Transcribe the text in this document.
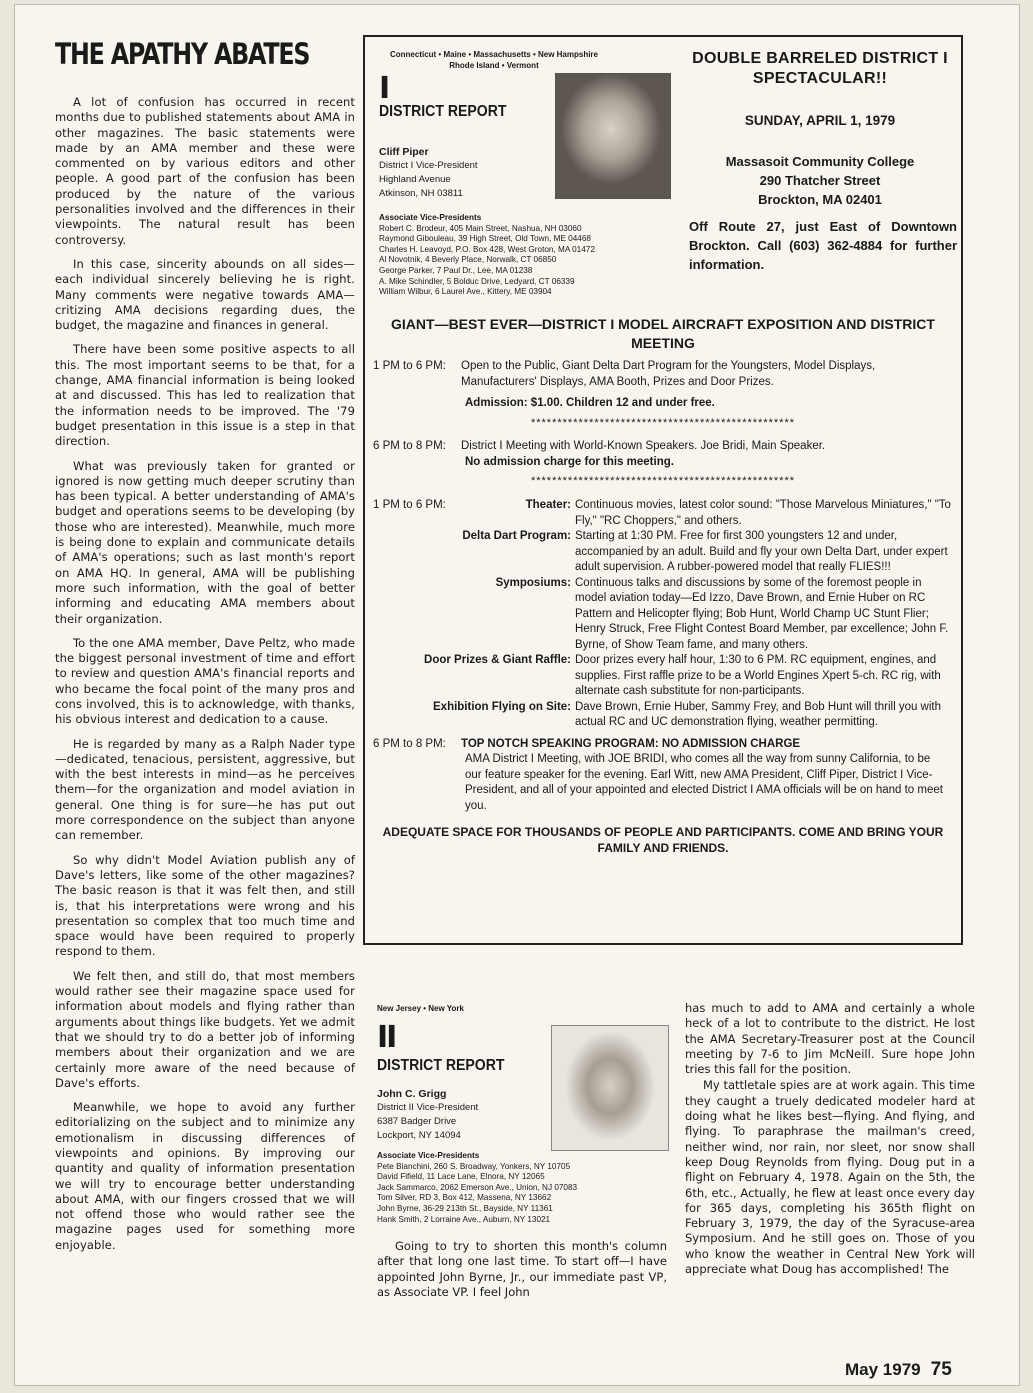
THE APATHY ABATES

A lot of confusion has occurred in recent months due to published statements about AMA in other magazines. The basic statements were made by an AMA member and these were commented on by various editors and other people. A good part of the confusion has been produced by the nature of the various personalities involved and the differences in their viewpoints. The natural result has been controversy.

In this case, sincerity abounds on all sides—each individual sincerely believing he is right. Many comments were negative towards AMA—critizing AMA decisions regarding dues, the budget, the magazine and finances in general.

There have been some positive aspects to all this. The most important seems to be that, for a change, AMA financial information is being looked at and discussed. This has led to realization that the information needs to be improved. The '79 budget presentation in this issue is a step in that direction.

What was previously taken for granted or ignored is now getting much deeper scrutiny than has been typical. A better understanding of AMA's budget and operations seems to be developing (by those who are interested). Meanwhile, much more is being done to explain and communicate details of AMA's operations; such as last month's report on AMA HQ. In general, AMA will be publishing more such information, with the goal of better informing and educating AMA members about their organization.

To the one AMA member, Dave Peltz, who made the biggest personal investment of time and effort to review and question AMA's financial reports and who became the focal point of the many pros and cons involved, this is to acknowledge, with thanks, his obvious interest and dedication to a cause.

He is regarded by many as a Ralph Nader type—dedicated, tenacious, persistent, aggressive, but with the best interests in mind—as he perceives them—for the organization and model aviation in general. One thing is for sure—he has put out more correspondence on the subject than anyone can remember.

So why didn't Model Aviation publish any of Dave's letters, like some of the other magazines? The basic reason is that it was felt then, and still is, that his interpretations were wrong and his presentation so complex that too much time and space would have been required to properly respond to them.

We felt then, and still do, that most members would rather see their magazine space used for information about models and flying rather than arguments about things like budgets. Yet we admit that we should try to do a better job of informing members about their organization and we are certainly more aware of the need because of Dave's efforts.

Meanwhile, we hope to avoid any further editorializing on the subject and to minimize any emotionalism in discussing differences of viewpoints and opinions. By improving our quantity and quality of information presentation we will try to encourage better understanding about AMA, with our fingers crossed that we will not offend those who would rather see the magazine pages used for something more enjoyable.

Connecticut • Maine • Massachusetts • New Hampshire Rhode Island • Vermont
I
DISTRICT REPORT
Cliff Piper
District I Vice-President
Highland Avenue
Atkinson, NH 03811
Associate Vice-Presidents
Robert C. Brodeur, 405 Main Street, Nashua, NH 03060
Raymond Gibouleau, 39 High Street, Old Town, ME 04468
Charles H. Leavoyd, P.O. Box 428, West Groton, MA 01472
Al Novotnik, 4 Beverly Place, Norwalk, CT 06850
George Parker, 7 Paul Dr., Lee, MA 01238
A. Mike Schindler, 5 Bolduc Drive, Ledyard, CT 06339
William Wilbur, 6 Laurel Ave., Kittery, ME 03904
DOUBLE BARRELED DISTRICT I SPECTACULAR!!
SUNDAY, APRIL 1, 1979
Massasoit Community College
290 Thatcher Street
Brockton, MA 02401
Off Route 27, just East of Downtown Brockton. Call (603) 362-4884 for further information.
GIANT—BEST EVER—DISTRICT I MODEL AIRCRAFT EXPOSITION AND DISTRICT MEETING
1 PM to 6 PM:	Open to the Public, Giant Delta Dart Program for the Youngsters, Model Displays, Manufacturers' Displays, AMA Booth, Prizes and Door Prizes.
Admission: $1.00. Children 12 and under free.
**************************************************
6 PM to 8 PM:	District I Meeting with World-Known Speakers. Joe Bridi, Main Speaker.
No admission charge for this meeting.
**************************************************
1 PM to 6 PM:	Theater: Continuous movies, latest color sound: "Those Marvelous Miniatures," "To Fly," "RC Choppers," and others.
Delta Dart Program: Starting at 1:30 PM. Free for first 300 youngsters 12 and under, accompanied by an adult. Build and fly your own Delta Dart, under expert adult supervision. A rubber-powered model that really FLIES!!!
Symposiums: Continuous talks and discussions by some of the foremost people in model aviation today—Ed Izzo, Dave Brown, and Ernie Huber on RC Pattern and Helicopter flying; Bob Hunt, World Champ UC Stunt Flier; Henry Struck, Free Flight Contest Board Member, par excellence; John F. Byrne, of Show Team fame, and many others.
Door Prizes & Giant Raffle: Door prizes every half hour, 1:30 to 6 PM. RC equipment, engines, and supplies. First raffle prize to be a World Engines Xpert 5-ch. RC rig, with alternate cash substitute for non-participants.
Exhibition Flying on Site: Dave Brown, Ernie Huber, Sammy Frey, and Bob Hunt will thrill you with actual RC and UC demonstration flying, weather permitting.
6 PM to 8 PM:	TOP NOTCH SPEAKING PROGRAM: NO ADMISSION CHARGE
AMA District I Meeting, with JOE BRIDI, who comes all the way from sunny California, to be our feature speaker for the evening. Earl Witt, new AMA President, Cliff Piper, District I Vice-President, and all of your appointed and elected District I AMA officials will be on hand to meet you.
ADEQUATE SPACE FOR THOUSANDS OF PEOPLE AND PARTICIPANTS. COME AND BRING YOUR FAMILY AND FRIENDS.
New Jersey • New York
II
DISTRICT REPORT
John C. Grigg
District II Vice-President
6387 Badger Drive
Lockport, NY 14094
Associate Vice-Presidents
Pete Bianchini, 260 S. Broadway, Yonkers, NY 10705
David Fifield, 11 Lace Lane, Elnora, NY 12065
Jack Sammarco, 2062 Emerson Ave., Union, NJ 07083
Tom Silver, RD 3, Box 412, Massena, NY 13662
John Byrne, 36-29 213th St., Bayside, NY 11361
Hank Smith, 2 Lorraine Ave., Auburn, NY 13021

Going to try to shorten this month's column after that long one last time. To start off—I have appointed John Byrne, Jr., our immediate past VP, as Associate VP. I feel John

has much to add to AMA and certainly a whole heck of a lot to contribute to the district. He lost the AMA Secretary-Treasurer post at the Council meeting by 7-6 to Jim McNeill. Sure hope John tries this fall for the position.

My tattletale spies are at work again. This time they caught a truely dedicated modeler hard at doing what he likes best—flying. And flying, and flying. To paraphrase the mailman's creed, neither wind, nor rain, nor sleet, nor snow shall keep Doug Reynolds from flying. Doug put in a flight on February 4, 1978. Again on the 5th, the 6th, etc., Actually, he flew at least once every day for 365 days, completing his 365th flight on February 3, 1979, the day of the Syracuse-area Symposium. And he still goes on. Those of you who know the weather in Central New York will appreciate what Doug has accomplished! The

May 1979 75
